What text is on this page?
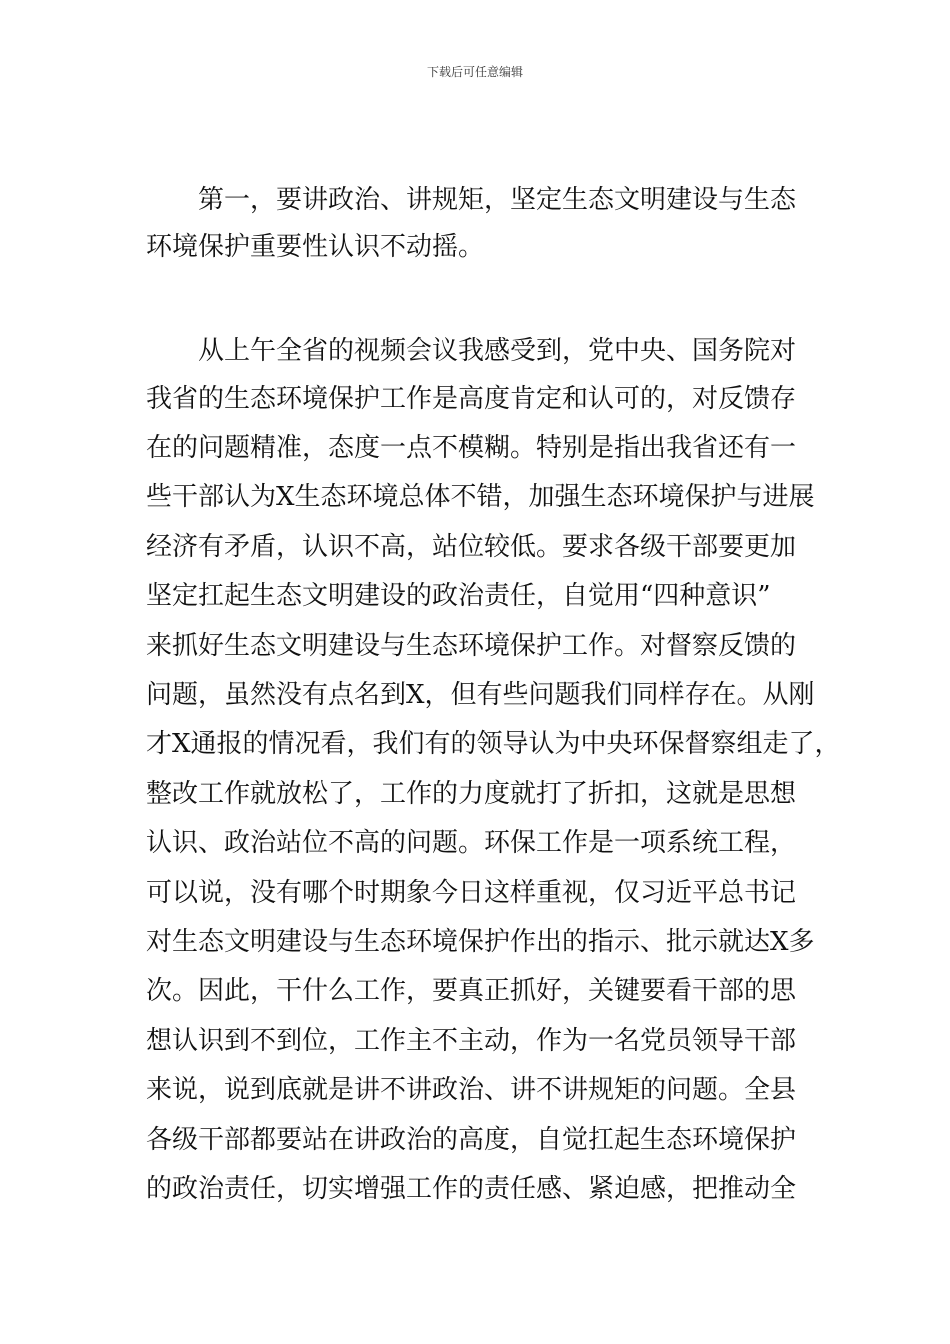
下载后可任意编辑
第一，要讲政治、讲规矩，坚定生态文明建设与生态
环境保护重要性认识不动摇。
从上午全省的视频会议我感受到，党中央、国务院对
我省的生态环境保护工作是高度肯定和认可的，对反馈存
在的问题精准，态度一点不模糊。特别是指出我省还有一
些干部认为X生态环境总体不错，加强生态环境保护与进展
经济有矛盾，认识不高，站位较低。要求各级干部要更加
坚定扛起生态文明建设的政治责任，自觉用“四种意识”
来抓好生态文明建设与生态环境保护工作。对督察反馈的
问题，虽然没有点名到X，但有些问题我们同样存在。从刚
才X通报的情况看，我们有的领导认为中央环保督察组走了，
整改工作就放松了，工作的力度就打了折扣，这就是思想
认识、政治站位不高的问题。环保工作是一项系统工程，
可以说，没有哪个时期象今日这样重视，仅习近平总书记
对生态文明建设与生态环境保护作出的指示、批示就达X多
次。因此，干什么工作，要真正抓好，关键要看干部的思
想认识到不到位，工作主不主动，作为一名党员领导干部
来说，说到底就是讲不讲政治、讲不讲规矩的问题。全县
各级干部都要站在讲政治的高度，自觉扛起生态环境保护
的政治责任，切实增强工作的责任感、紧迫感，把推动全
